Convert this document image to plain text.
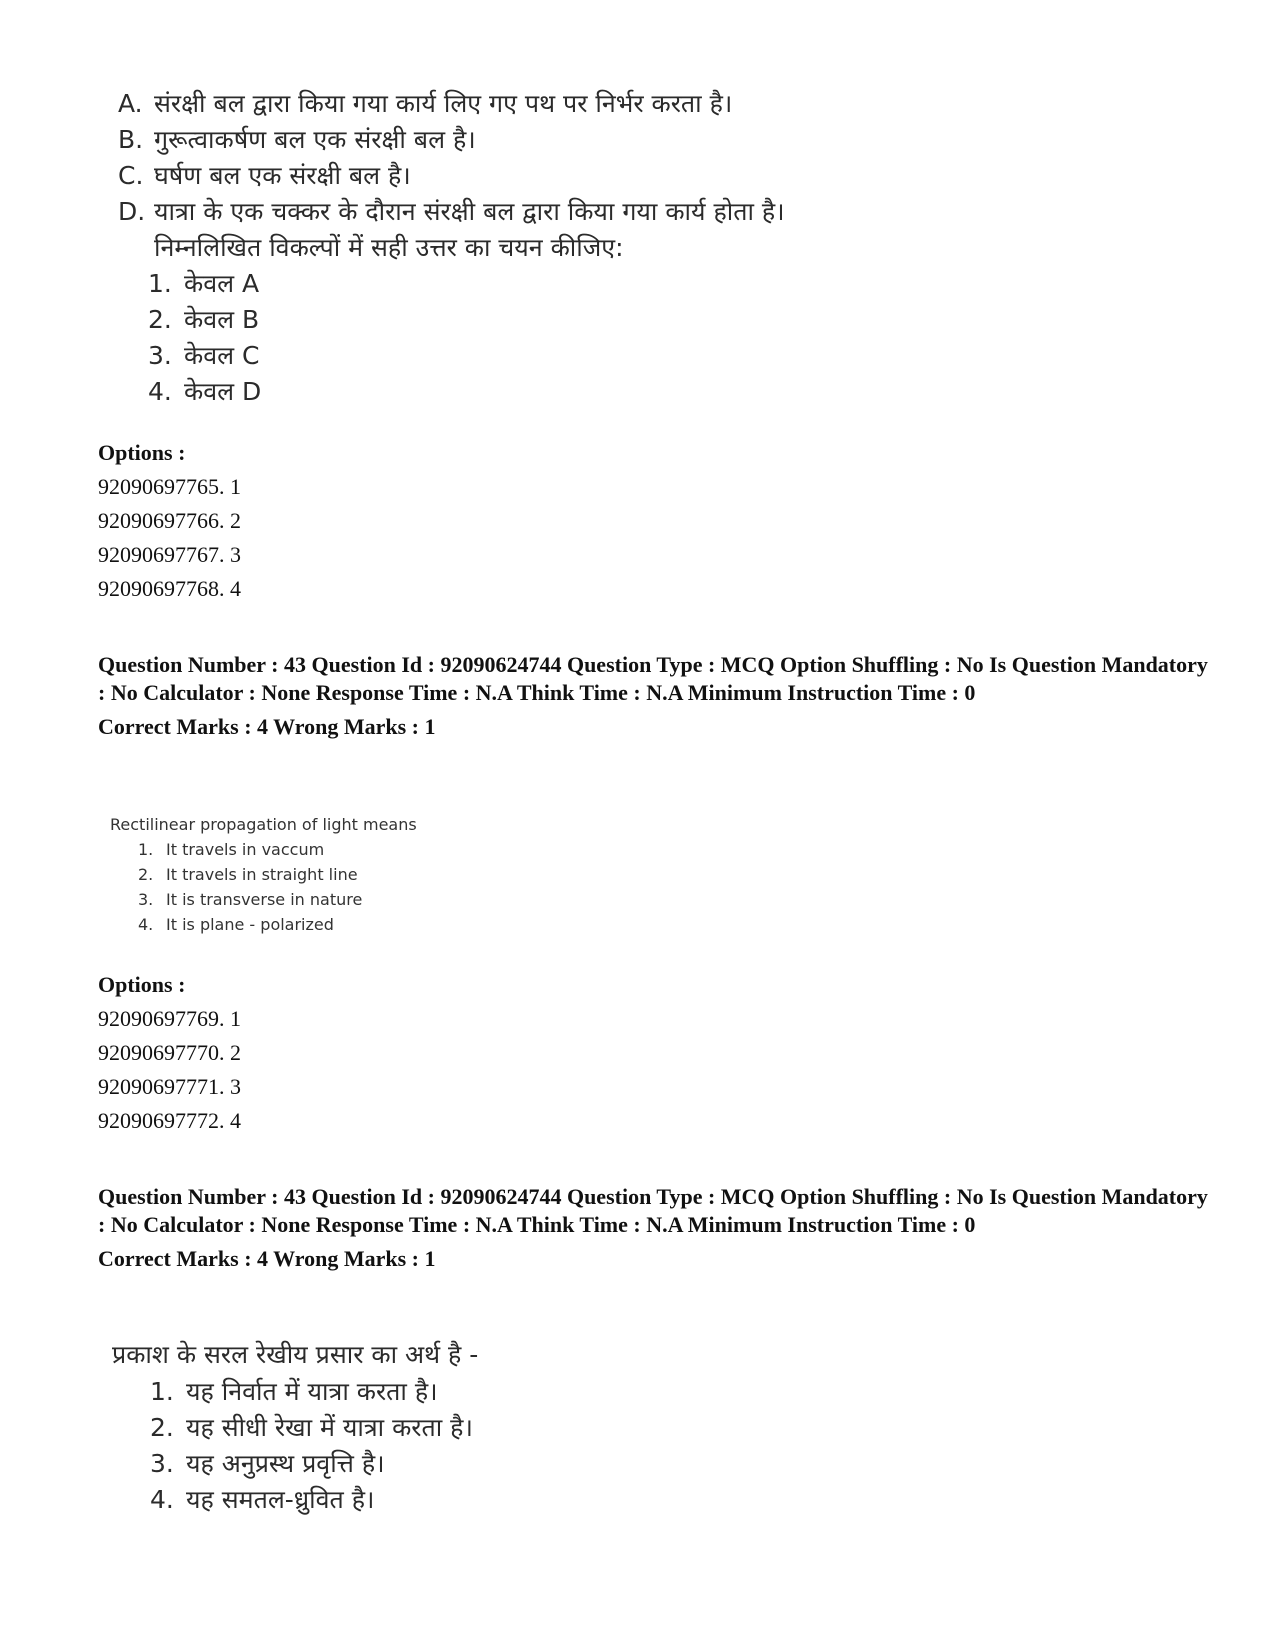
A. संरक्षी बल द्वारा किया गया कार्य लिए गए पथ पर निर्भर करता है।
B. गुरूत्वाकर्षण बल एक संरक्षी बल है।
C. घर्षण बल एक संरक्षी बल है।
D. यात्रा के एक चक्कर के दौरान संरक्षी बल द्वारा किया गया कार्य होता है।
निम्नलिखित विकल्पों में सही उत्तर का चयन कीजिए:
1. केवल A
2. केवल B
3. केवल C
4. केवल D
Options :
92090697765. 1
92090697766. 2
92090697767. 3
92090697768. 4
Question Number : 43 Question Id : 92090624744 Question Type : MCQ Option Shuffling : No Is Question Mandatory : No Calculator : None Response Time : N.A Think Time : N.A Minimum Instruction Time : 0
Correct Marks : 4 Wrong Marks : 1
Rectilinear propagation of light means
1. It travels in vaccum
2. It travels in straight line
3. It is transverse in nature
4. It is plane - polarized
Options :
92090697769. 1
92090697770. 2
92090697771. 3
92090697772. 4
Question Number : 43 Question Id : 92090624744 Question Type : MCQ Option Shuffling : No Is Question Mandatory : No Calculator : None Response Time : N.A Think Time : N.A Minimum Instruction Time : 0
Correct Marks : 4 Wrong Marks : 1
प्रकाश के सरल रेखीय प्रसार का अर्थ है -
1. यह निर्वात में यात्रा करता है।
2. यह सीधी रेखा में यात्रा करता है।
3. यह अनुप्रस्थ प्रवृत्ति है।
4. यह समतल-ध्रुवित है।
